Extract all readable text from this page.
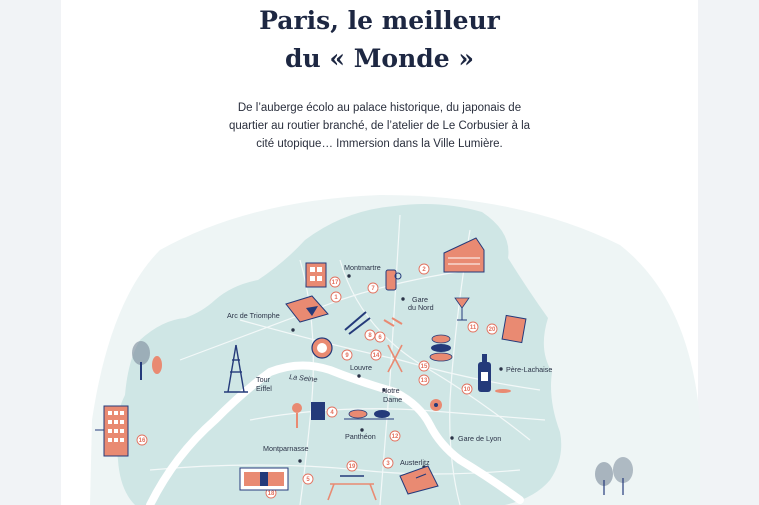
Paris, le meilleur
du « Monde »
De l’auberge écolo au palace historique, du japonais de quartier au routier branché, de l’atelier de Le Corbusier à la cité utopique… Immersion dans la Ville Lumière.
Montmartre
Gare du Nord
Arc de Triomphe
La Seine
Louvre
Tour Eiffel	Notre Dame
Père-Lachaise
Panthéon	Gare de Lyon
Montparnasse
Austerlitz
17
7
2
1
8 6
11 20
9	14
15
13
10
4
12
16
5
19	3
18
